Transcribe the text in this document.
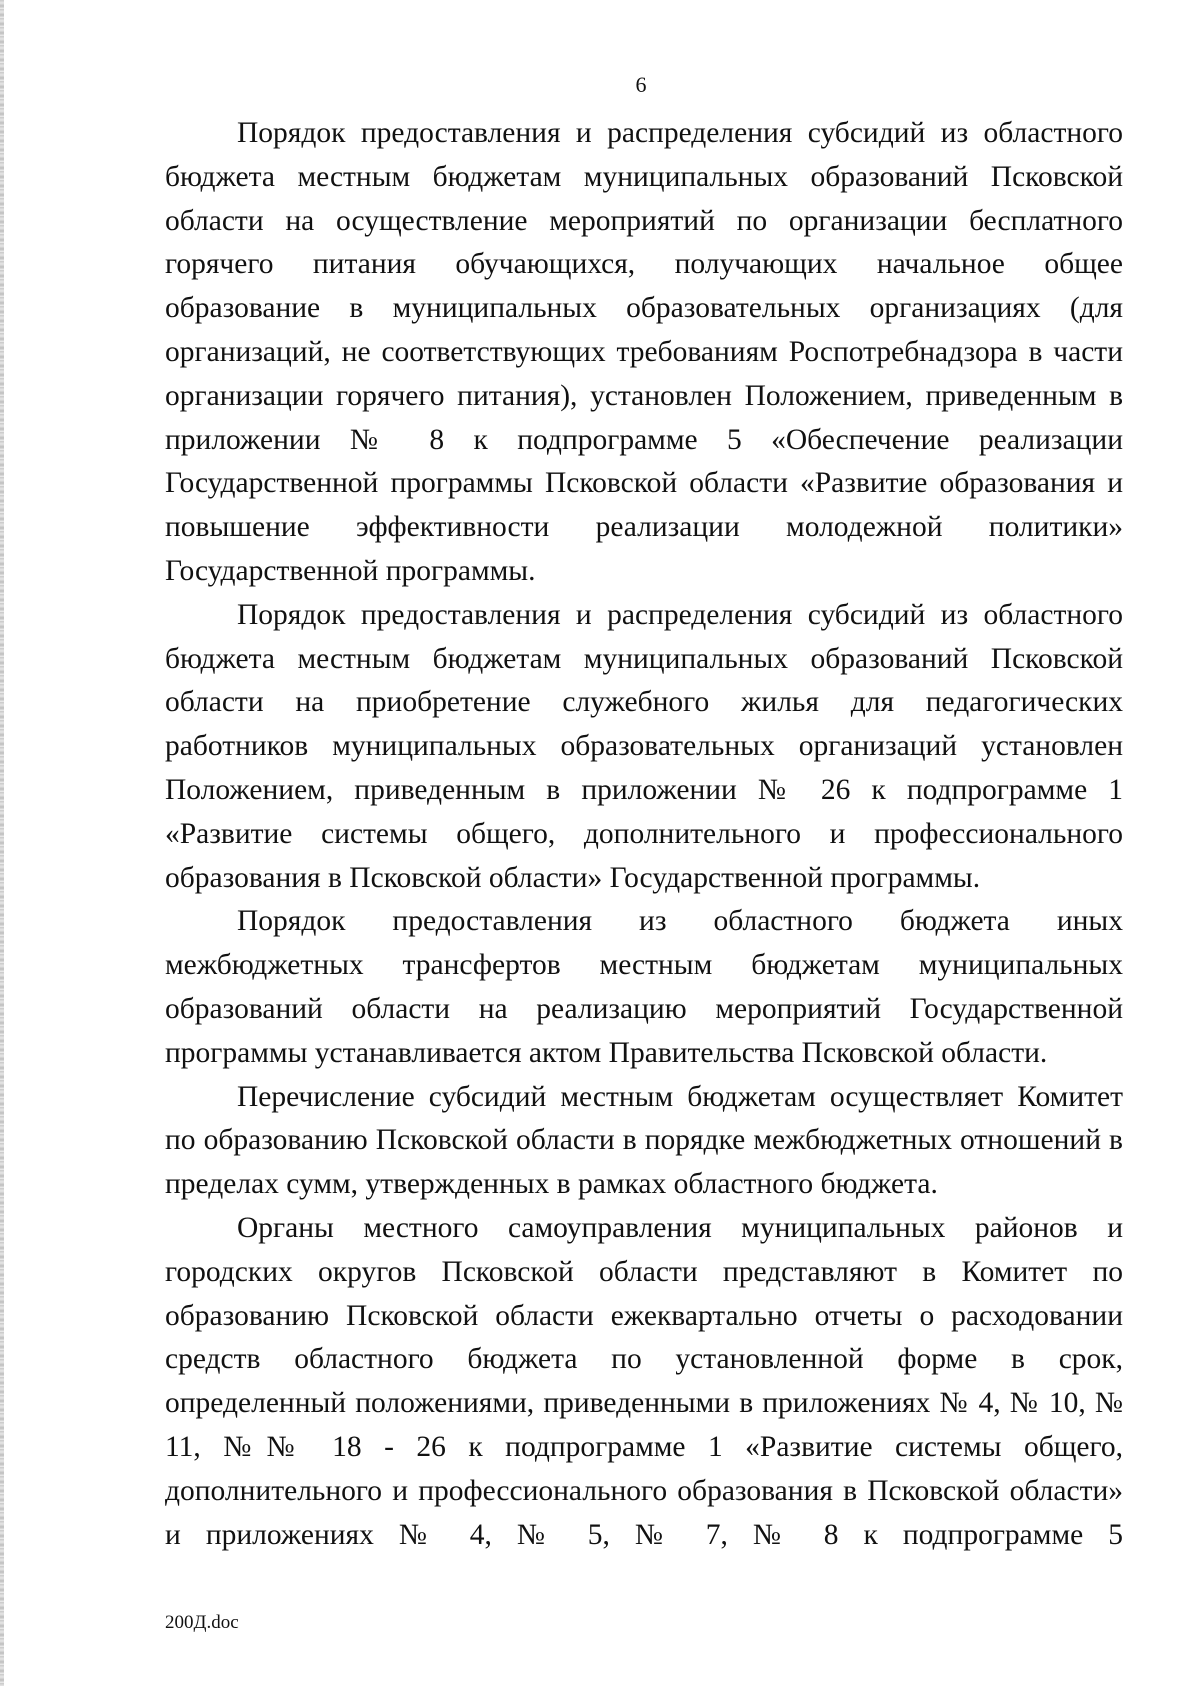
6

Порядок предоставления и распределения субсидий из областного бюджета местным бюджетам муниципальных образований Псковской области на осуществление мероприятий по организации бесплатного горячего питания обучающихся, получающих начальное общее образование в муниципальных образовательных организациях (для организаций, не соответствующих требованиям Роспотребнадзора в части организации горячего питания), установлен Положением, приведенным в приложении № 8 к подпрограмме 5 «Обеспечение реализации Государственной программы Псковской области «Развитие образования и повышение эффективности реализации молодежной политики» Государственной программы.

Порядок предоставления и распределения субсидий из областного бюджета местным бюджетам муниципальных образований Псковской области на приобретение служебного жилья для педагогических работников муниципальных образовательных организаций установлен Положением, приведенным в приложении № 26 к подпрограмме 1 «Развитие системы общего, дополнительного и профессионального образования в Псковской области» Государственной программы.

Порядок предоставления из областного бюджета иных межбюджетных трансфертов местным бюджетам муниципальных образований области на реализацию мероприятий Государственной программы устанавливается актом Правительства Псковской области.

Перечисление субсидий местным бюджетам осуществляет Комитет по образованию Псковской области в порядке межбюджетных отношений в пределах сумм, утвержденных в рамках областного бюджета.

Органы местного самоуправления муниципальных районов и городских округов Псковской области представляют в Комитет по образованию Псковской области ежеквартально отчеты о расходовании средств областного бюджета по установленной форме в срок, определенный положениями, приведенными в приложениях № 4, № 10, № 11, №№ 18 - 26 к подпрограмме 1 «Развитие системы общего, дополнительного и профессионального образования в Псковской области» и приложениях № 4, № 5, № 7, № 8 к подпрограмме 5

200Д.doc
